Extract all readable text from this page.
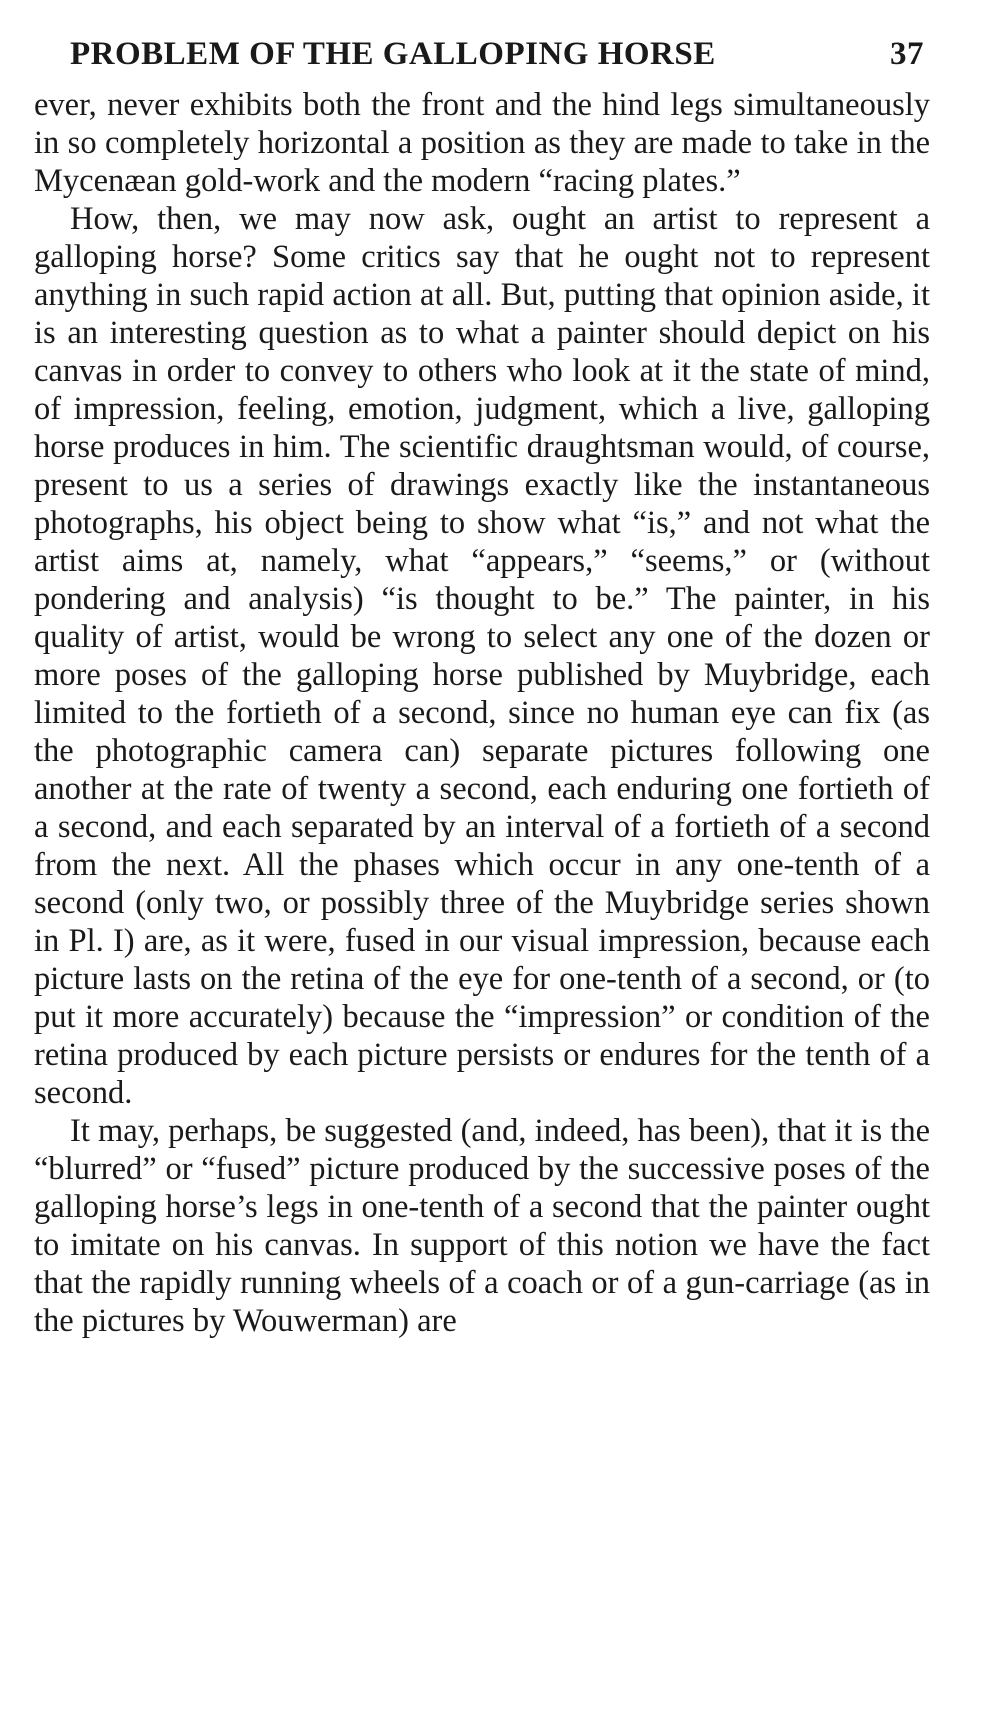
PROBLEM OF THE GALLOPING HORSE	37

ever, never exhibits both the front and the hind legs simultaneously in so completely horizontal a position as they are made to take in the Mycenæan gold-work and the modern “racing plates.”

How, then, we may now ask, ought an artist to represent a galloping horse? Some critics say that he ought not to represent anything in such rapid action at all. But, putting that opinion aside, it is an interesting question as to what a painter should depict on his canvas in order to convey to others who look at it the state of mind, of impression, feeling, emotion, judgment, which a live, galloping horse produces in him. The scientific draughtsman would, of course, present to us a series of drawings exactly like the instantaneous photographs, his object being to show what “is,” and not what the artist aims at, namely, what “appears,” “seems,” or (without pondering and analysis) “is thought to be.” The painter, in his quality of artist, would be wrong to select any one of the dozen or more poses of the galloping horse published by Muybridge, each limited to the fortieth of a second, since no human eye can fix (as the photographic camera can) separate pictures following one another at the rate of twenty a second, each enduring one fortieth of a second, and each separated by an interval of a fortieth of a second from the next. All the phases which occur in any one-tenth of a second (only two, or possibly three of the Muybridge series shown in Pl. I) are, as it were, fused in our visual impression, because each picture lasts on the retina of the eye for one-tenth of a second, or (to put it more accurately) because the “impression” or condition of the retina produced by each picture persists or endures for the tenth of a second.

It may, perhaps, be suggested (and, indeed, has been), that it is the “blurred” or “fused” picture produced by the successive poses of the galloping horse’s legs in one-tenth of a second that the painter ought to imitate on his canvas. In support of this notion we have the fact that the rapidly running wheels of a coach or of a gun-carriage (as in the pictures by Wouwerman) are
